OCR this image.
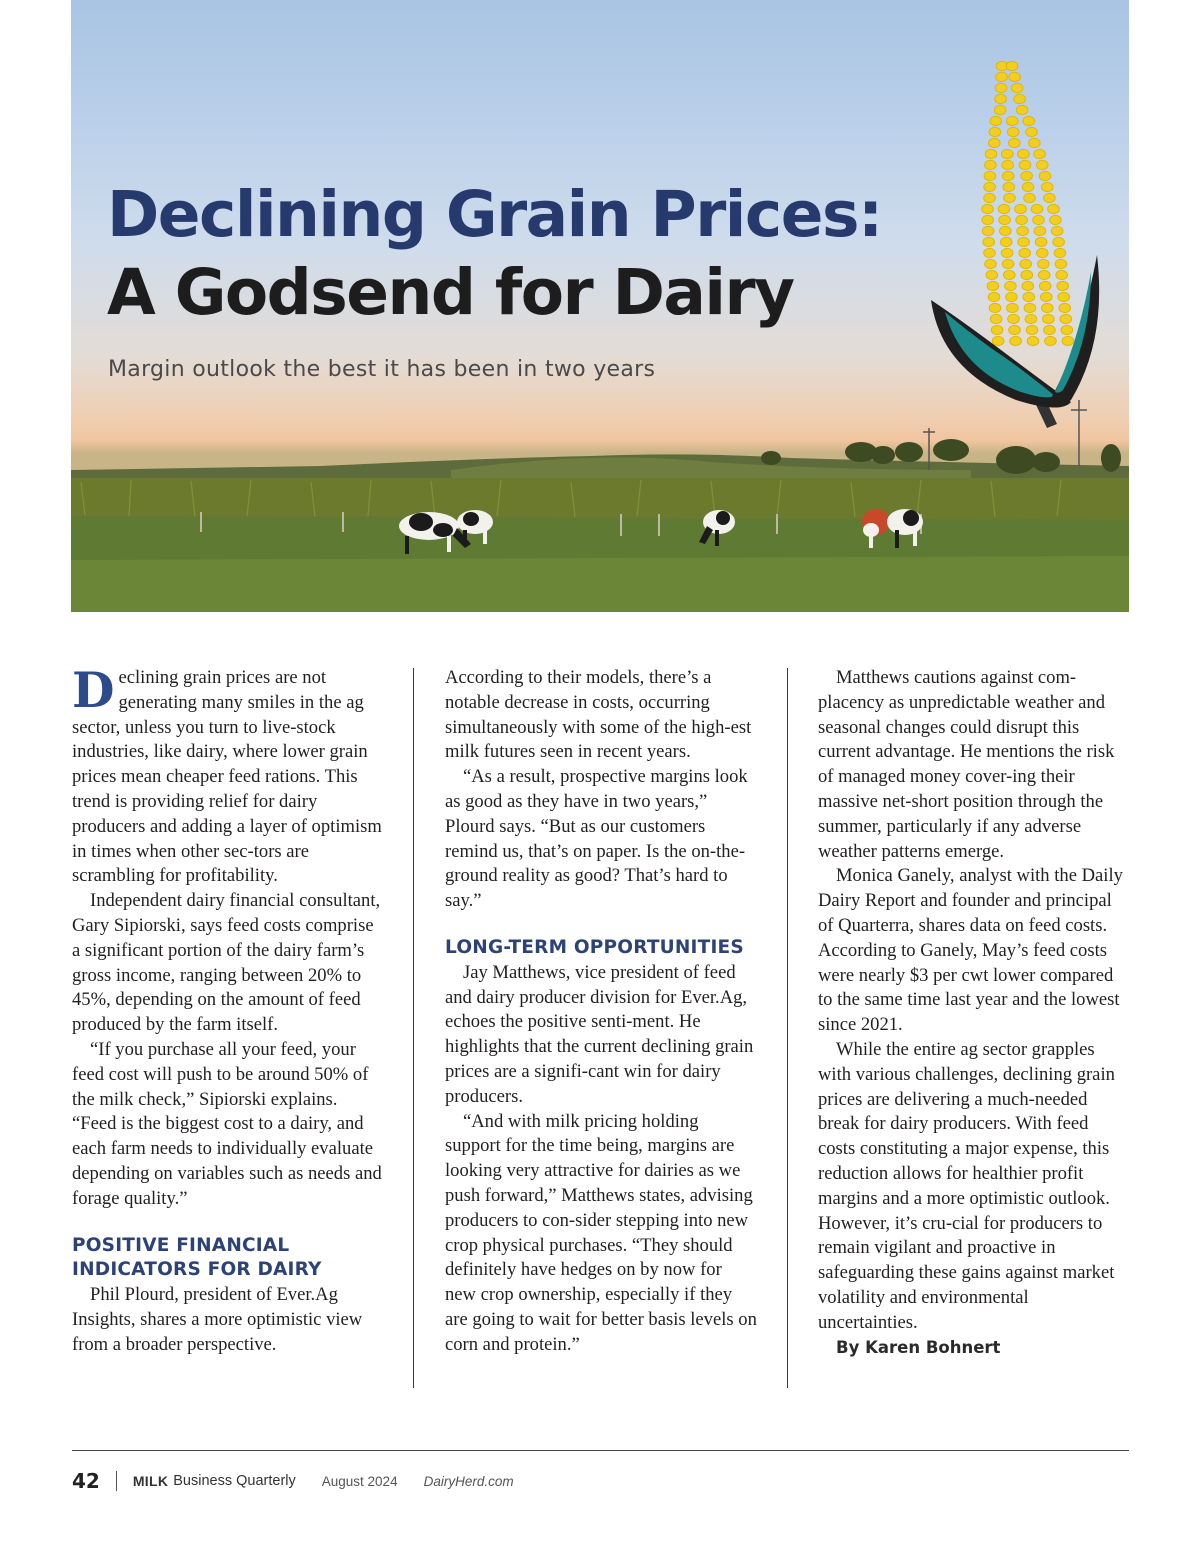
Declining Grain Prices:
A Godsend for Dairy

Margin outlook the best it has been in two years

Declining grain prices are not generating many smiles in the ag sector, unless you turn to live-stock industries, like dairy, where lower grain prices mean cheaper feed rations. This trend is providing relief for dairy producers and adding a layer of optimism in times when other sec-tors are scrambling for profitability.

Independent dairy financial consultant, Gary Sipiorski, says feed costs comprise a significant portion of the dairy farm’s gross income, ranging between 20% to 45%, depending on the amount of feed produced by the farm itself.

“If you purchase all your feed, your feed cost will push to be around 50% of the milk check,” Sipiorski explains. “Feed is the biggest cost to a dairy, and each farm needs to individually evaluate depending on variables such as needs and forage quality.”

POSITIVE FINANCIAL INDICATORS FOR DAIRY

Phil Plourd, president of Ever.Ag Insights, shares a more optimistic view from a broader perspective.

According to their models, there’s a notable decrease in costs, occurring simultaneously with some of the high-est milk futures seen in recent years.

“As a result, prospective margins look as good as they have in two years,” Plourd says. “But as our customers remind us, that’s on paper. Is the on-the-ground reality as good? That’s hard to say.”

LONG-TERM OPPORTUNITIES

Jay Matthews, vice president of feed and dairy producer division for Ever.Ag, echoes the positive senti-ment. He highlights that the current declining grain prices are a signifi-cant win for dairy producers.

“And with milk pricing holding support for the time being, margins are looking very attractive for dairies as we push forward,” Matthews states, advising producers to con-sider stepping into new crop physical purchases. “They should definitely have hedges on by now for new crop ownership, especially if they are going to wait for better basis levels on corn and protein.”

Matthews cautions against com-placency as unpredictable weather and seasonal changes could disrupt this current advantage. He mentions the risk of managed money cover-ing their massive net-short position through the summer, particularly if any adverse weather patterns emerge.

Monica Ganely, analyst with the Daily Dairy Report and founder and principal of Quarterra, shares data on feed costs. According to Ganely, May’s feed costs were nearly $3 per cwt lower compared to the same time last year and the lowest since 2021.

While the entire ag sector grapples with various challenges, declining grain prices are delivering a much-needed break for dairy producers. With feed costs constituting a major expense, this reduction allows for healthier profit margins and a more optimistic outlook. However, it’s cru-cial for producers to remain vigilant and proactive in safeguarding these gains against market volatility and environmental uncertainties.

By Karen Bohnert

42 MILK Business Quarterly August 2024 DairyHerd.com
